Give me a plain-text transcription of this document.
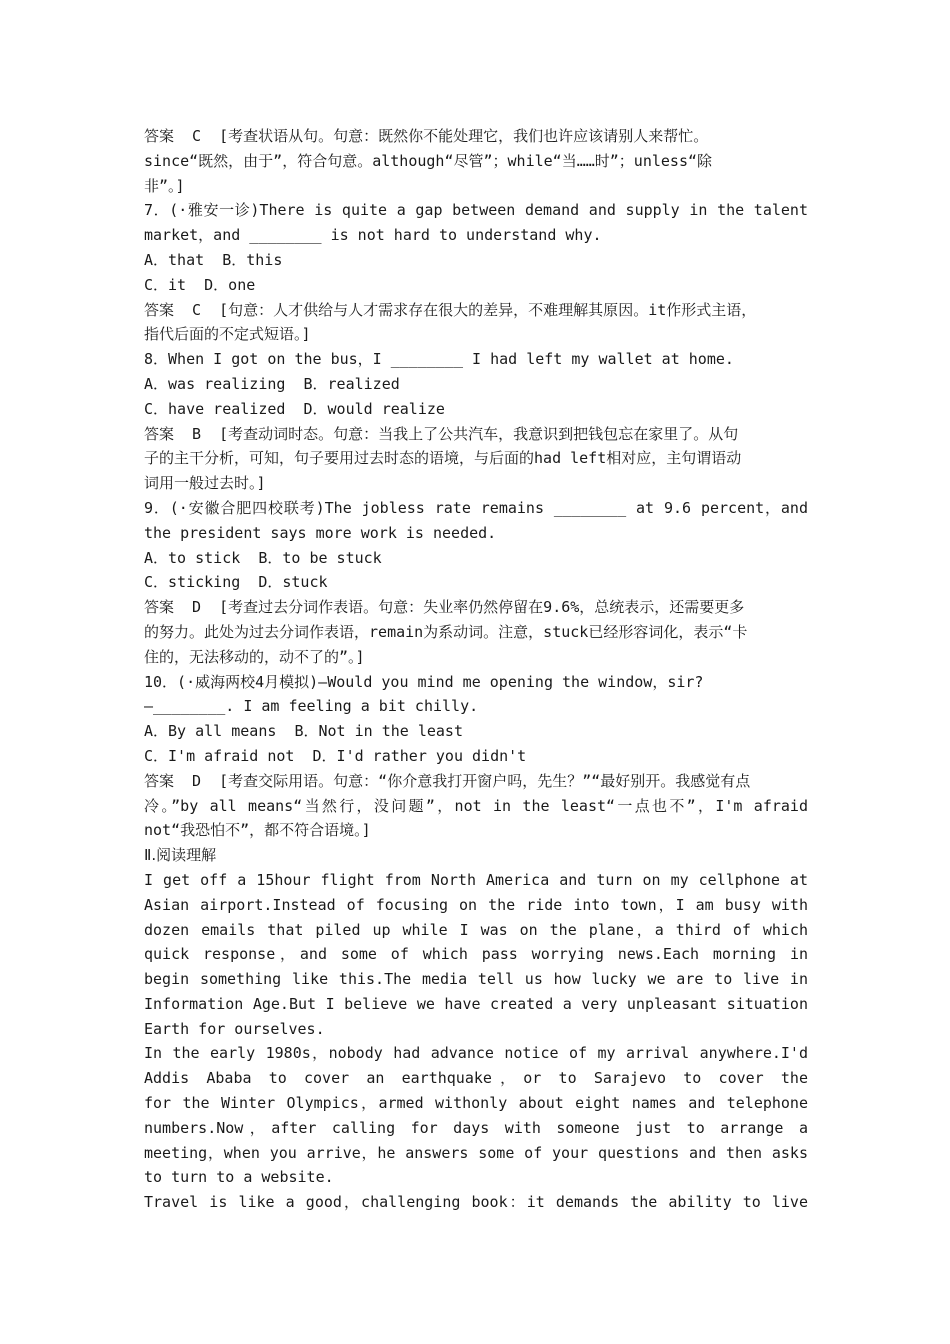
答案  C  [考查状语从句。句意：既然你不能处理它，我们也许应该请别人来帮忙。
since“既然，由于”，符合句意。although“尽管”；while“当……时”；unless“除
非”。]
7．(·雅安一诊)There is quite a gap between demand and supply in the talent
market，and ________ is not hard to understand why.
A．that  B．this
C．it  D．one
答案  C  [句意：人才供给与人才需求存在很大的差异，不难理解其原因。it作形式主语，
指代后面的不定式短语。]
8．When I got on the bus，I ________ I had left my wallet at home.
A．was realizing  B．realized
C．have realized  D．would realize
答案  B  [考查动词时态。句意：当我上了公共汽车，我意识到把钱包忘在家里了。从句
子的主干分析，可知，句子要用过去时态的语境，与后面的had left相对应，主句谓语动
词用一般过去时。]
9．(·安徽合肥四校联考)The jobless rate remains ________ at 9.6 percent，and
the president says more work is needed.
A．to stick  B．to be stuck
C．sticking  D．stuck
答案  D  [考查过去分词作表语。句意：失业率仍然停留在9.6%，总统表示，还需要更多
的努力。此处为过去分词作表语，remain为系动词。注意，stuck已经形容词化，表示“卡
住的，无法移动的，动不了的”。]
10．(·威海两校4月模拟)—Would you mind me opening the window，sir?
—________. I am feeling a bit chilly.
A．By all means  B．Not in the least
C．I'm afraid not  D．I'd rather you didn't
答案  D  [考查交际用语。句意：“你介意我打开窗户吗，先生？”“最好别开。我感觉有点
冷。”by all means“当然行，没问题”，not in the least“一点也不”，I'm afraid
not“我恐怕不”，都不符合语境。]
Ⅱ.阅读理解
I get off a 15hour flight from North America and turn on my cellphone at
Asian airport.Instead of focusing on the ride into town，I am busy with
dozen emails that piled up while I was on the plane，a third of which
quick response，and some of which pass worrying news.Each morning in
begin something like this.The media tell us how lucky we are to live in
Information Age.But I believe we have created a very unpleasant situation
Earth for ourselves.
In the early 1980s，nobody had advance notice of my arrival anywhere.I'd
Addis Ababa to cover an earthquake，or to Sarajevo to cover the
for the Winter Olympics，armed withonly about eight names and telephone
numbers.Now，after calling for days with someone just to arrange a
meeting，when you arrive，he answers some of your questions and then asks
to turn to a website.
Travel is like a good，challenging book：it demands the ability to live
